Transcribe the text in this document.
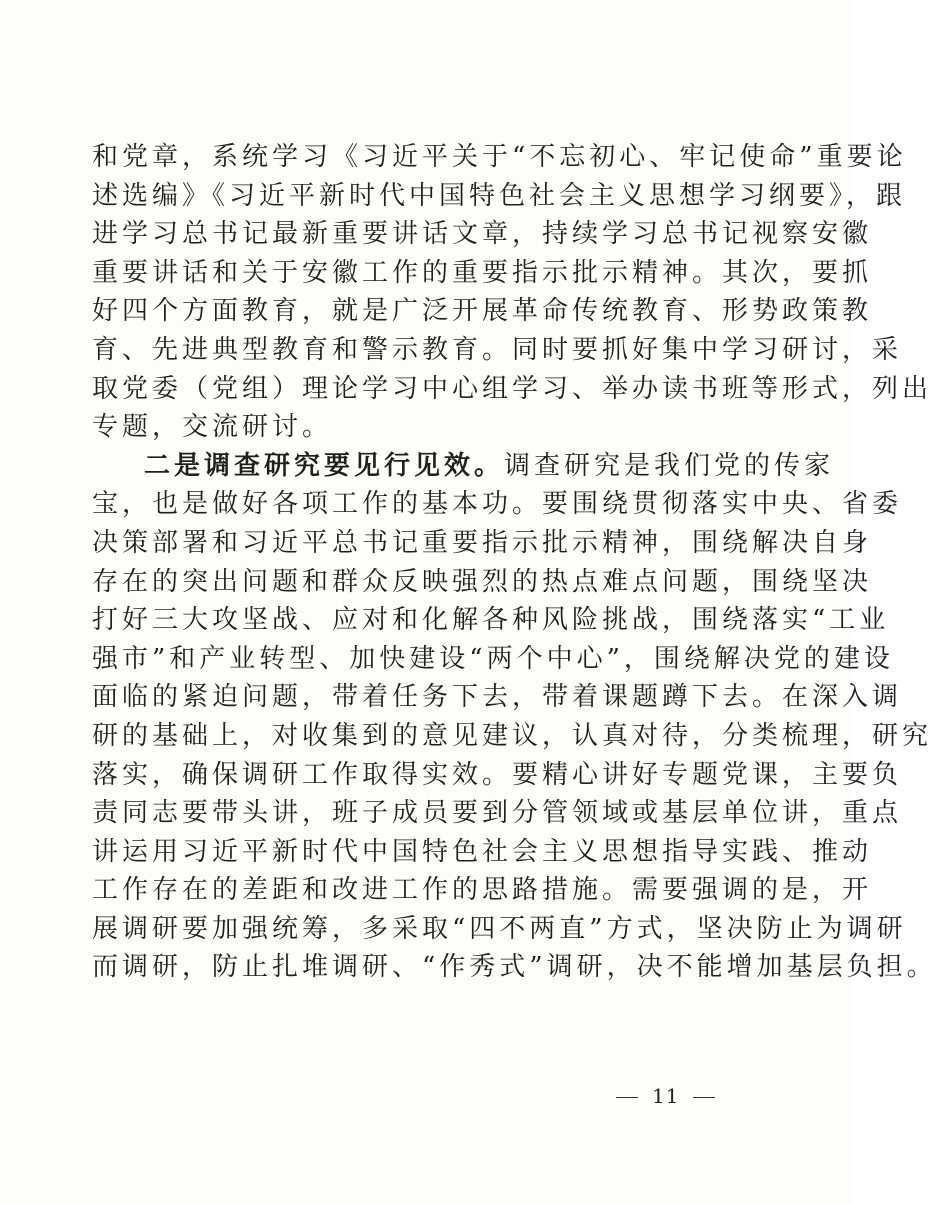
和党章，系统学习《习近平关于“不忘初心、牢记使命”重要论
述选编》《习近平新时代中国特色社会主义思想学习纲要》，跟
进学习总书记最新重要讲话文章，持续学习总书记视察安徽
重要讲话和关于安徽工作的重要指示批示精神。其次，要抓
好四个方面教育，就是广泛开展革命传统教育、形势政策教
育、先进典型教育和警示教育。同时要抓好集中学习研讨，采
取党委（党组）理论学习中心组学习、举办读书班等形式，列出
专题，交流研讨。
二是调查研究要见行见效。调查研究是我们党的传家
宝，也是做好各项工作的基本功。要围绕贯彻落实中央、省委
决策部署和习近平总书记重要指示批示精神，围绕解决自身
存在的突出问题和群众反映强烈的热点难点问题，围绕坚决
打好三大攻坚战、应对和化解各种风险挑战，围绕落实“工业
强市”和产业转型、加快建设“两个中心”，围绕解决党的建设
面临的紧迫问题，带着任务下去，带着课题蹲下去。在深入调
研的基础上，对收集到的意见建议，认真对待，分类梳理，研究
落实，确保调研工作取得实效。要精心讲好专题党课，主要负
责同志要带头讲，班子成员要到分管领域或基层单位讲，重点
讲运用习近平新时代中国特色社会主义思想指导实践、推动
工作存在的差距和改进工作的思路措施。需要强调的是，开
展调研要加强统筹，多采取“四不两直”方式，坚决防止为调研
而调研，防止扎堆调研、“作秀式”调研，决不能增加基层负担。
11
